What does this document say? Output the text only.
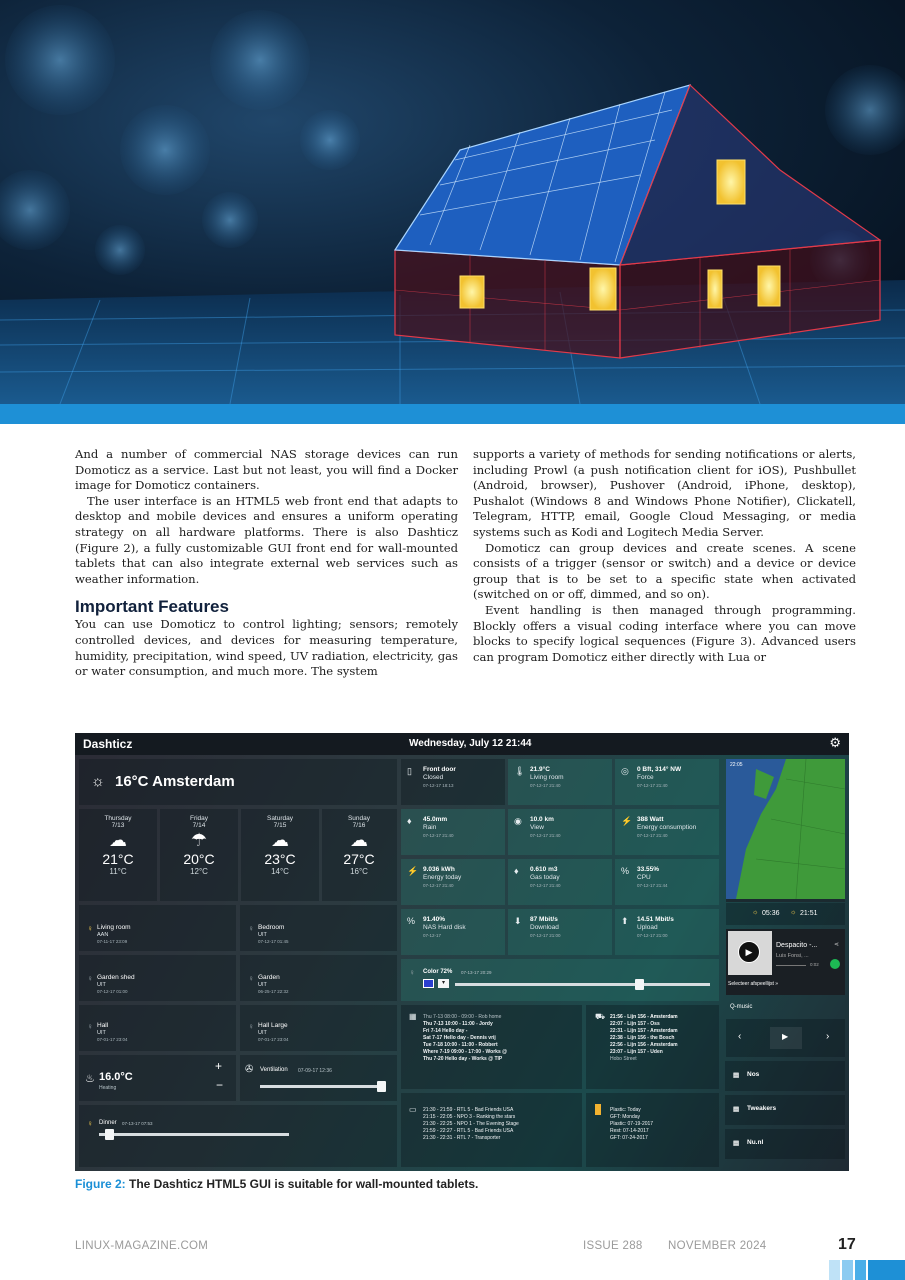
And a number of commercial NAS storage devices can run Domoticz as a service. Last but not least, you will find a Docker image for Domoticz containers.

The user interface is an HTML5 web front end that adapts to desktop and mobile devices and ensures a uniform operating strategy on all hardware platforms. There is also Dashticz (Figure 2), a fully customizable GUI front end for wall-mounted tablets that can also integrate external web services such as weather information.

Important Features

You can use Domoticz to control lighting; sensors; remotely controlled devices, and devices for measuring temperature, humidity, precipitation, wind speed, UV radiation, electricity, gas or water consumption, and much more. The system

supports a variety of methods for sending notifications or alerts, including Prowl (a push notification client for iOS), Pushbullet (Android, browser), Pushover (Android, iPhone, desktop), Pushalot (Windows 8 and Windows Phone Notifier), Clickatell, Telegram, HTTP, email, Google Cloud Messaging, or media systems such as Kodi and Logitech Media Server.

Domoticz can group devices and create scenes. A scene consists of a trigger (sensor or switch) and a device or device group that is to be set to a specific state when activated (switched on or off, dimmed, and so on).

Event handling is then managed through programming. Blockly offers a visual coding interface where you can move blocks to specify logical sequences (Figure 3). Advanced users can program Domoticz either directly with Lua or

Dashticz	Wednesday, July 12 21:44	⚙
☼ 16°C Amsterdam
Thursday
7/13
☁
21°C
11°C
Friday
7/14
☂
20°C
12°C
Saturday
7/15
☁
23°C
14°C
Sunday
7/16
☁
27°C
16°C
♀ Living room
AAN
07-11-17 23:09
♀ Bedroom
UIT
07-12-17 01:45
♀ Garden shed
UIT
07-12-17 01:00
♀ Garden
UIT
06-25-17 22:32
♀ Hall
UIT
07-01-17 23:04
♀ Hall Large
UIT
07-01-17 23:04
♨ 16.0°C
Heating
+
−
✇ Ventilation 07-09-17 12:36
♀ Dinner 07-13-17 07:53
▯ Front door
Closed
07-12-17 18:13
🌡 21.9°C
Living room
07-12-17 21:40
◎ 0 Bft, 314° NW
Force
07-12-17 21:40
♦ 45.0mm
Rain
07-12-17 21:40
◉ 10.0 km
View
07-12-17 21:40
⚡ 388 Watt
Energy consumption
07-12-17 21:40
⚡ 9.036 kWh
Energy today
07-12-17 21:40
♦ 0.610 m3
Gas today
07-12-17 21:40
% 33.55%
CPU
07-12-17 21:44
% 91.40%
NAS Hard disk
07-12-17
⬇ 87 Mbit/s
Download
07-12-17 21:00
⬆ 14.51 Mbit/s
Upload
07-12-17 21:00
♀ Color 72% 07-13-17 20:29
▾
▦ Thu 7-13 08:00 - 09:00 - Rob home
Thu 7-13 10:00 - 11:00 - Jordy
Fri 7-14 Hello day -
Sat 7-17 Hello day - Dennis vrij
Tue 7-18 10:00 - 11:00 - Robbert
Where 7-19 09:00 - 17:00 - Works @
Thu 7-20 Hello day - Works @ TIP
⛟ 21:56 - Lijn 156 - Amsterdam
22:07 - Lijn 157 - Oss
22:31 - Lijn 157 - Amsterdam
22:38 - Lijn 156 - the Bosch
22:56 - Lijn 156 - Amsterdam
23:07 - Lijn 157 - Uden
Hobo Street
▭ 21:30 - 21:59 - RTL 5 - Bad Friends USA
21:15 - 22:05 - NPO 3 - Ranking the stars
21:30 - 22:25 - NPO 1 - The Evening Stage
21:59 - 22:27 - RTL 5 - Bad Friends USA
21:30 - 22:31 - RTL 7 - Transporter
Plastic: Today
GFT: Monday
Plastic: 07-19-2017
Rest: 07-14-2017
GFT: 07-24-2017
22:05
☼ 05:36 ☼ 21:51
▶
Despacito -...	⋖
Luis Fonsi, ...
0:02
Selecteer afspeellijst »
Q-music
‹	▶	›
▤ Nos
▤ Tweakers
▤ Nu.nl
Figure 2: The Dashticz HTML5 GUI is suitable for wall-mounted tablets.
LINUX-MAGAZINE.COM	ISSUE 288 NOVEMBER 2024	17
